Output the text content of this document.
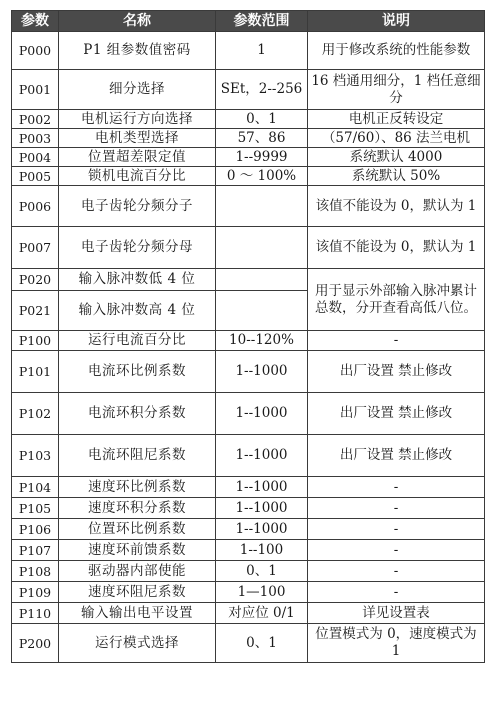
参数	名称	参数范围	说明
P000	P1 组参数值密码	1	用于修改系统的性能参数
P001	细分选择	SEt，2--256	16 档通用细分，1 档任意细分
P002	电机运行方向选择	0、1	电机正反转设定
P003	电机类型选择	57、86	（57/60）、86 法兰电机
P004	位置超差限定值	1--9999	系统默认 4000
P005	锁机电流百分比	0 ～ 100%	系统默认 50%
P006	电子齿轮分频分子		该值不能设为 0，默认为 1
P007	电子齿轮分频分母		该值不能设为 0，默认为 1
P020	输入脉冲数低 4 位		用于显示外部输入脉冲累计总数，分开查看高低八位。
P021	输入脉冲数高 4 位		
P100	运行电流百分比	10--120%	-
P101	电流环比例系数	1--1000	出厂设置 禁止修改
P102	电流环积分系数	1--1000	出厂设置 禁止修改
P103	电流环阻尼系数	1--1000	出厂设置 禁止修改
P104	速度环比例系数	1--1000	-
P105	速度环积分系数	1--1000	-
P106	位置环比例系数	1--1000	-
P107	速度环前馈系数	1--100	-
P108	驱动器内部使能	0、1	-
P109	速度环阻尼系数	1—100	-
P110	输入输出电平设置	对应位 0/1	详见设置表
P200	运行模式选择	0、1	位置模式为 0，速度模式为 1
